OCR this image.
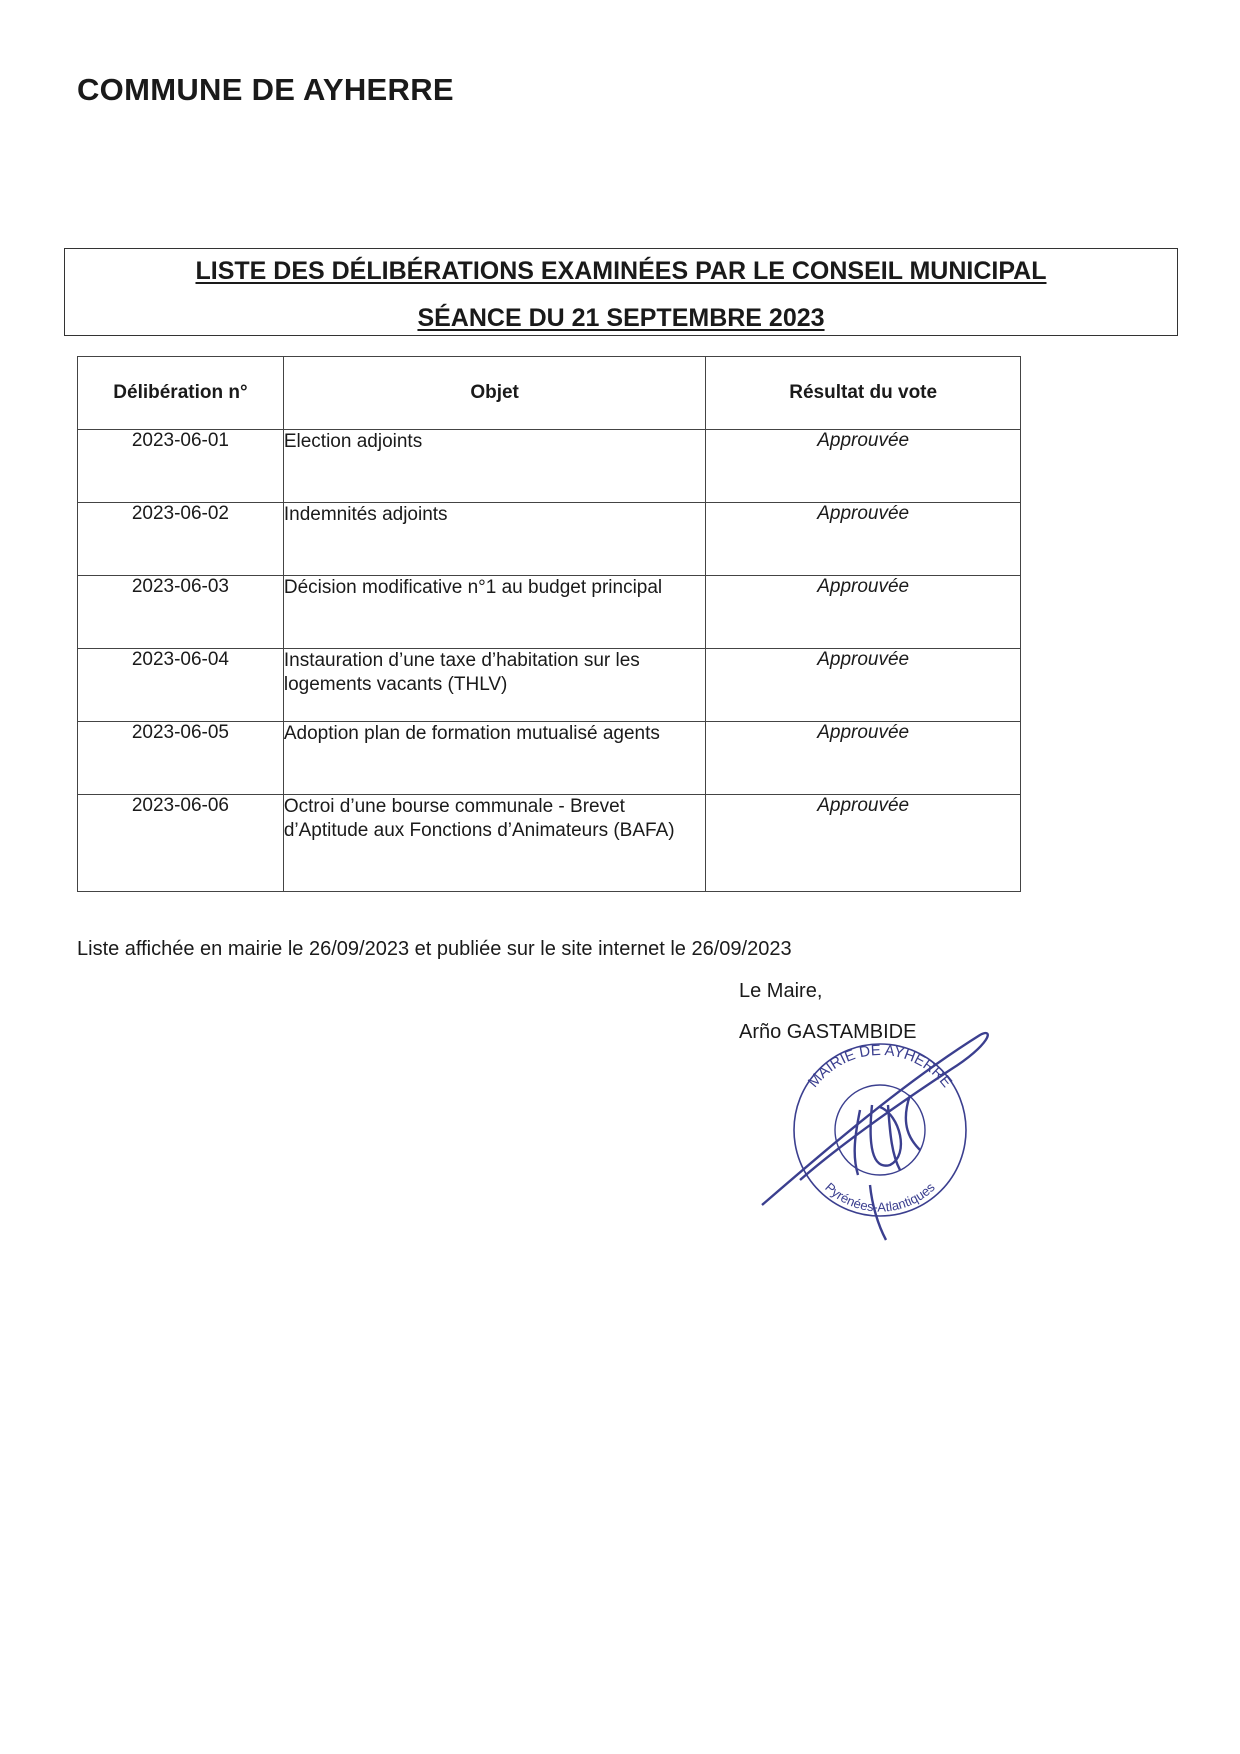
COMMUNE DE AYHERRE
LISTE DES DÉLIBÉRATIONS EXAMINÉES PAR LE CONSEIL MUNICIPAL
SÉANCE DU 21 SEPTEMBRE 2023
Délibération n°	Objet	Résultat du vote
2023-06-01	Election adjoints	Approuvée
2023-06-02	Indemnités adjoints	Approuvée
2023-06-03	Décision modificative n°1 au budget principal	Approuvée
2023-06-04	Instauration d’une taxe d’habitation sur les logements vacants (THLV)	Approuvée
2023-06-05	Adoption plan de formation mutualisé agents	Approuvée
2023-06-06	Octroi d’une bourse communale - Brevet d’Aptitude aux Fonctions d’Animateurs (BAFA)	Approuvée

Liste affichée en mairie le 26/09/2023 et publiée sur le site internet le 26/09/2023

Le Maire,

Arño GASTAMBIDE

MAIRIE DE AYHERRE
Pyrénées-Atlantiques
